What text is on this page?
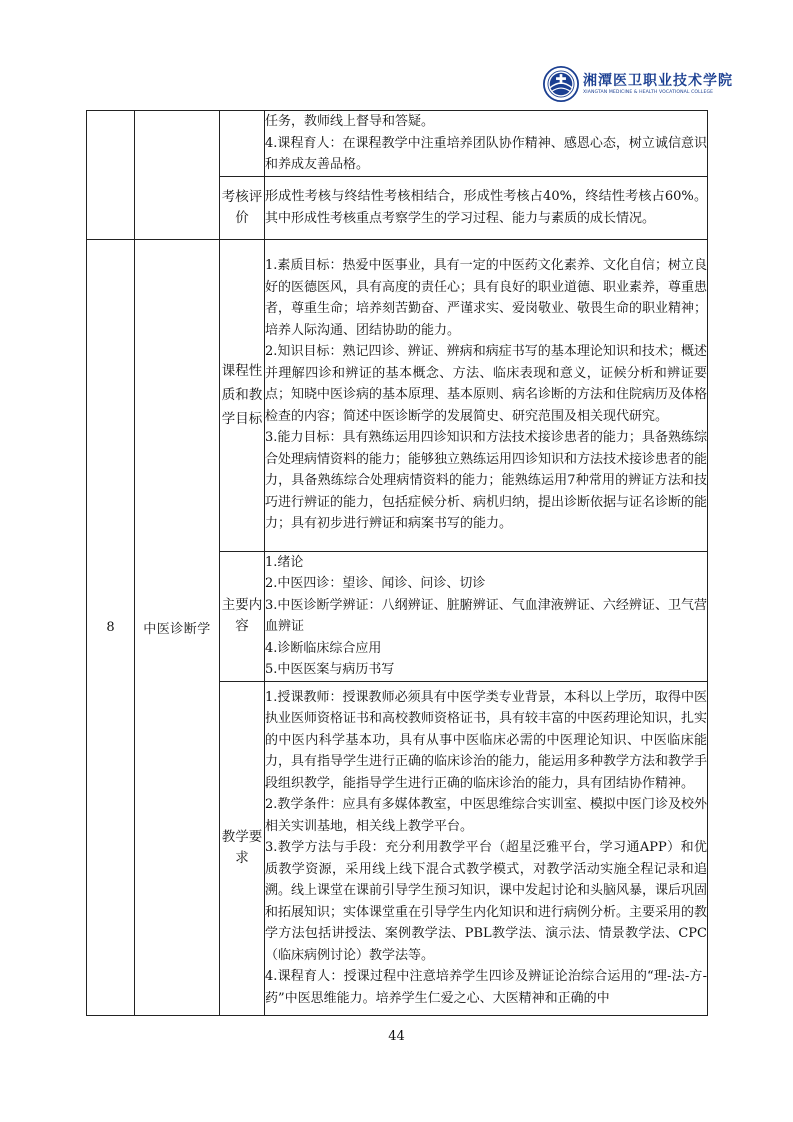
湘潭医卫职业技术学院
XIANGTAN MEDICINE & HEALTH VOCATIONAL COLLEGE

			任务，教师线上督导和答疑。

4.课程育人：在课程教学中注重培养团队协作精神、感恩心态，树立诚信意识和养成友善品格。

		考核评价	形成性考核与终结性考核相结合，形成性考核占40%，终结性考核占60%。其中形成性考核重点考察学生的学习过程、能力与素质的成长情况。
8	中医诊断学	课程性质和教学目标	1.素质目标：热爱中医事业，具有一定的中医药文化素养、文化自信；树立良好的医德医风，具有高度的责任心；具有良好的职业道德、职业素养，尊重患者，尊重生命；培养刻苦勤奋、严谨求实、爱岗敬业、敬畏生命的职业精神；培养人际沟通、团结协助的能力。

2.知识目标：熟记四诊、辨证、辨病和病症书写的基本理论知识和技术；概述并理解四诊和辨证的基本概念、方法、临床表现和意义，证候分析和辨证要点；知晓中医诊病的基本原理、基本原则、病名诊断的方法和住院病历及体格检查的内容；简述中医诊断学的发展简史、研究范围及相关现代研究。

3.能力目标：具有熟练运用四诊知识和方法技术接诊患者的能力；具备熟练综合处理病情资料的能力；能够独立熟练运用四诊知识和方法技术接诊患者的能力，具备熟练综合处理病情资料的能力；能熟练运用7种常用的辨证方法和技巧进行辨证的能力，包括症候分析、病机归纳，提出诊断依据与证名诊断的能力；具有初步进行辨证和病案书写的能力。

		主要内容	1.绪论

2.中医四诊：望诊、闻诊、问诊、切诊

3.中医诊断学辨证：八纲辨证、脏腑辨证、气血津液辨证、六经辨证、卫气营血辨证

4.诊断临床综合应用

5.中医医案与病历书写

		教学要求	1.授课教师：授课教师必须具有中医学类专业背景，本科以上学历，取得中医执业医师资格证书和高校教师资格证书，具有较丰富的中医药理论知识，扎实的中医内科学基本功，具有从事中医临床必需的中医理论知识、中医临床能力，具有指导学生进行正确的临床诊治的能力，能运用多种教学方法和教学手段组织教学，能指导学生进行正确的临床诊治的能力，具有团结协作精神。

2.教学条件：应具有多媒体教室，中医思维综合实训室、模拟中医门诊及校外相关实训基地，相关线上教学平台。

3.教学方法与手段：充分利用教学平台（超星泛雅平台，学习通APP）和优质教学资源，采用线上线下混合式教学模式，对教学活动实施全程记录和追溯。线上课堂在课前引导学生预习知识，课中发起讨论和头脑风暴，课后巩固和拓展知识；实体课堂重在引导学生内化知识和进行病例分析。主要采用的教学方法包括讲授法、案例教学法、PBL教学法、演示法、情景教学法、CPC（临床病例讨论）教学法等。

4.课程育人：授课过程中注意培养学生四诊及辨证论治综合运用的“理-法-方-药”中医思维能力。培养学生仁爱之心、大医精神和正确的中

44
